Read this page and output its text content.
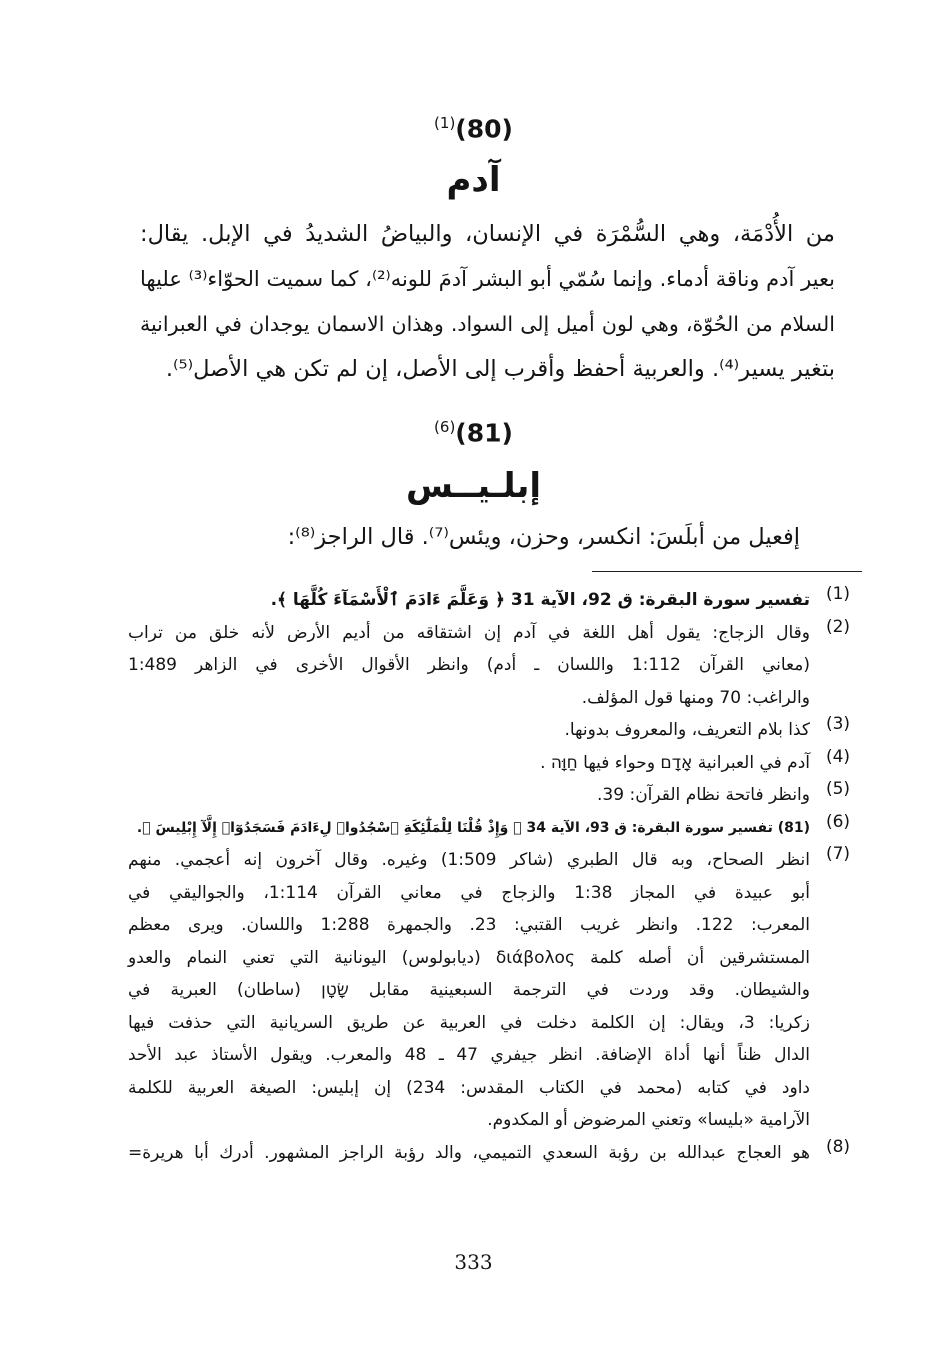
$^{(1)}$(80)
آدم
من الأُدْمَة، وهي السُّمْرَة في الإنسان، والبياضُ الشديدُ في الإبل. يقال:
بعير آدم وناقة أدماء. وإنما سُمّي أبو البشر آدمَ للونه⁽²⁾، كما سميت الحوّاء⁽³⁾ عليها
السلام من الحُوّة، وهي لون أميل إلى السواد. وهذان الاسمان يوجدان في العبرانية
بتغير يسير⁽⁴⁾. والعربية أحفظ وأقرب إلى الأصل، إن لم تكن هي الأصل⁽⁵⁾.
$^{(6)}$(81)
إبلـيــس
إفعيل من أبلَسَ: انكسر، وحزن، ويئس⁽⁷⁾. قال الراجز⁽⁸⁾:
(1)
تفسير سورة البقرة: ق 92، الآية 31 ﴿ وَعَلَّمَ ءَادَمَ ٱلْأَسْمَآءَ كُلَّهَا ﴾.
(2)
وقال الزجاج: يقول أهل اللغة في آدم إن اشتقاقه من أديم الأرض لأنه خلق من تراب
(معاني القرآن 1:112 واللسان ـ أدم) وانظر الأقوال الأخرى في الزاهر 1:489
والراغب: 70 ومنها قول المؤلف.
(3)
كذا بلام التعريف، والمعروف بدونها.
(4)
آدم في العبرانية אָדָם وحواء فيها חַוָּה .
(5)
وانظر فاتحة نظام القرآن: 39.
(6)
(81) تفسير سورة البقرة: ق 93، الآية 34 ﴿ وَإِذْ قُلْنَا لِلْمَلَٰٓئِكَةِ ٱسْجُدُوا۟ لِءَادَمَ فَسَجَدُوٓا۟ إِلَّآ إِبْلِيسَ ﴾.
(7)
انظر الصحاح، وبه قال الطبري (شاكر 1:509) وغيره. وقال آخرون إنه أعجمي. منهم
أبو عبيدة في المجاز 1:38 والزجاج في معاني القرآن 1:114، والجواليقي في
المعرب: 122. وانظر غريب القتبي: 23. والجمهرة 1:288 واللسان. ويرى معظم
المستشرقين أن أصله كلمة διάβολος (ديابولوس) اليونانية التي تعني النمام والعدو
والشيطان. وقد وردت في الترجمة السبعينية مقابل שָׂטָן (ساطان) العبرية في
زكريا: 3، ويقال: إن الكلمة دخلت في العربية عن طريق السريانية التي حذفت فيها
الدال ظناً أنها أداة الإضافة. انظر جيفري 47 ـ 48 والمعرب. ويقول الأستاذ عبد الأحد
داود في كتابه (محمد في الكتاب المقدس: 234) إن إبليس: الصيغة العربية للكلمة
الآرامية «بليسا» وتعني المرضوض أو المكدوم.
(8)
هو العجاج عبدالله بن رؤبة السعدي التميمي، والد رؤبة الراجز المشهور. أدرك أبا هريرة=
333
